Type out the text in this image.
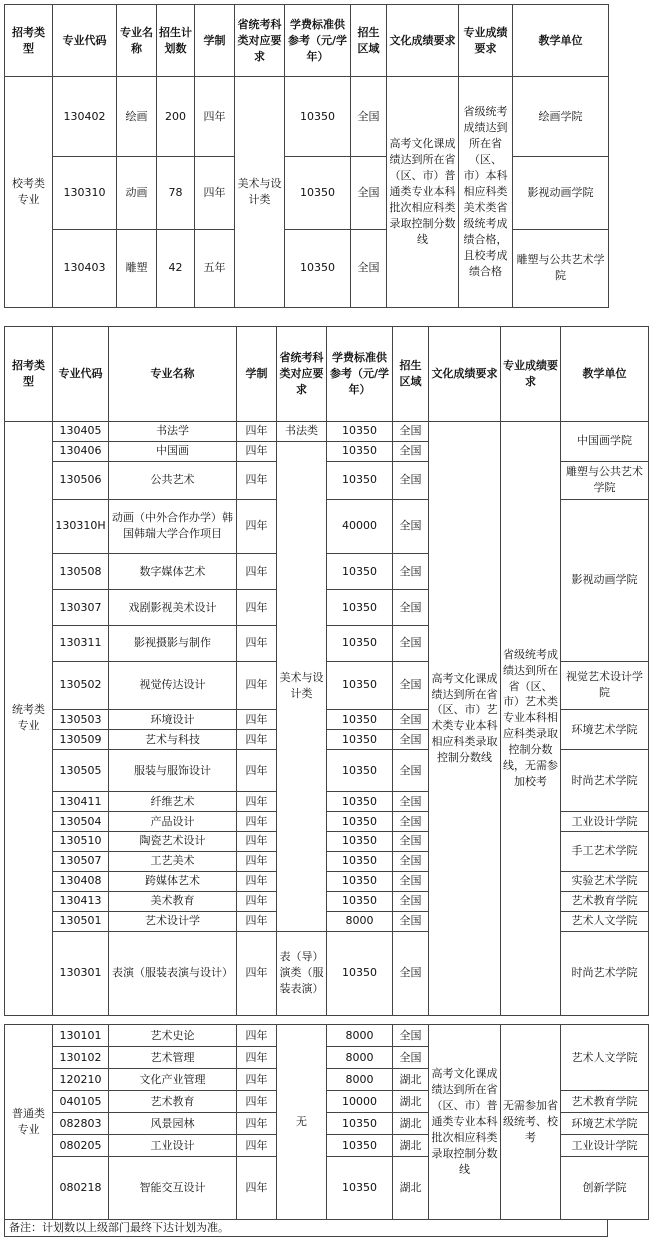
招考类型	专业代码	专业名称	招生计划数	学制	省统考科类对应要求	学费标准供参考（元/学年）	招生区域	文化成绩要求	专业成绩要求	教学单位
校考类专业	130402	绘画	200	四年	美术与设计类	10350	全国	高考文化课成绩达到所在省（区、市）普通类专业本科批次相应科类录取控制分数线	省级统考成绩达到所在省（区、市）本科相应科类美术类省级统考成绩合格，且校考成绩合格	绘画学院
	130310	动画	78	四年		10350	全国			影视动画学院
	130403	雕塑	42	五年		10350	全国			雕塑与公共艺术学院
招考类型	专业代码	专业名称	学制	省统考科类对应要求	学费标准供参考（元/学年）	招生区域	文化成绩要求	专业成绩要求	教学单位
统考类专业	130405	书法学	四年	书法类	10350	全国	高考文化课成绩达到所在省（区、市）艺术类专业本科相应科类录取控制分数线	省级统考成绩达到所在省（区、市）艺术类专业本科相应科类录取控制分数线，无需参加校考	中国画学院
	130406	中国画	四年	美术与设计类	10350	全国			
	130506	公共艺术	四年		10350	全国			雕塑与公共艺术学院
	130310H	动画（中外合作办学）韩国韩瑞大学合作项目	四年		40000	全国			影视动画学院
	130508	数字媒体艺术	四年		10350	全国			
	130307	戏剧影视美术设计	四年		10350	全国			
	130311	影视摄影与制作	四年		10350	全国			
	130502	视觉传达设计	四年		10350	全国			视觉艺术设计学院
	130503	环境设计	四年		10350	全国			环境艺术学院
	130509	艺术与科技	四年		10350	全国			
	130505	服装与服饰设计	四年		10350	全国			时尚艺术学院
	130411	纤维艺术	四年		10350	全国			
	130504	产品设计	四年		10350	全国			工业设计学院
	130510	陶瓷艺术设计	四年		10350	全国			手工艺术学院
	130507	工艺美术	四年		10350	全国			
	130408	跨媒体艺术	四年		10350	全国			实验艺术学院
	130413	美术教育	四年		10350	全国			艺术教育学院
	130501	艺术设计学	四年		8000	全国			艺术人文学院
	130301	表演（服装表演与设计）	四年	表（导）演类（服装表演）	10350	全国			时尚艺术学院
普通类专业	130101	艺术史论	四年	无	8000	全国	高考文化课成绩达到所在省（区、市）普通类专业本科批次相应科类录取控制分数线	无需参加省级统考、校考	艺术人文学院
	130102	艺术管理	四年		8000	全国			
	120210	文化产业管理	四年		8000	湖北			
	040105	艺术教育	四年		10000	湖北			艺术教育学院
	082803	风景园林	四年		10350	湖北			环境艺术学院
	080205	工业设计	四年		10350	湖北			工业设计学院
	080218	智能交互设计	四年		10350	湖北			创新学院
备注：计划数以上级部门最终下达计划为准。
